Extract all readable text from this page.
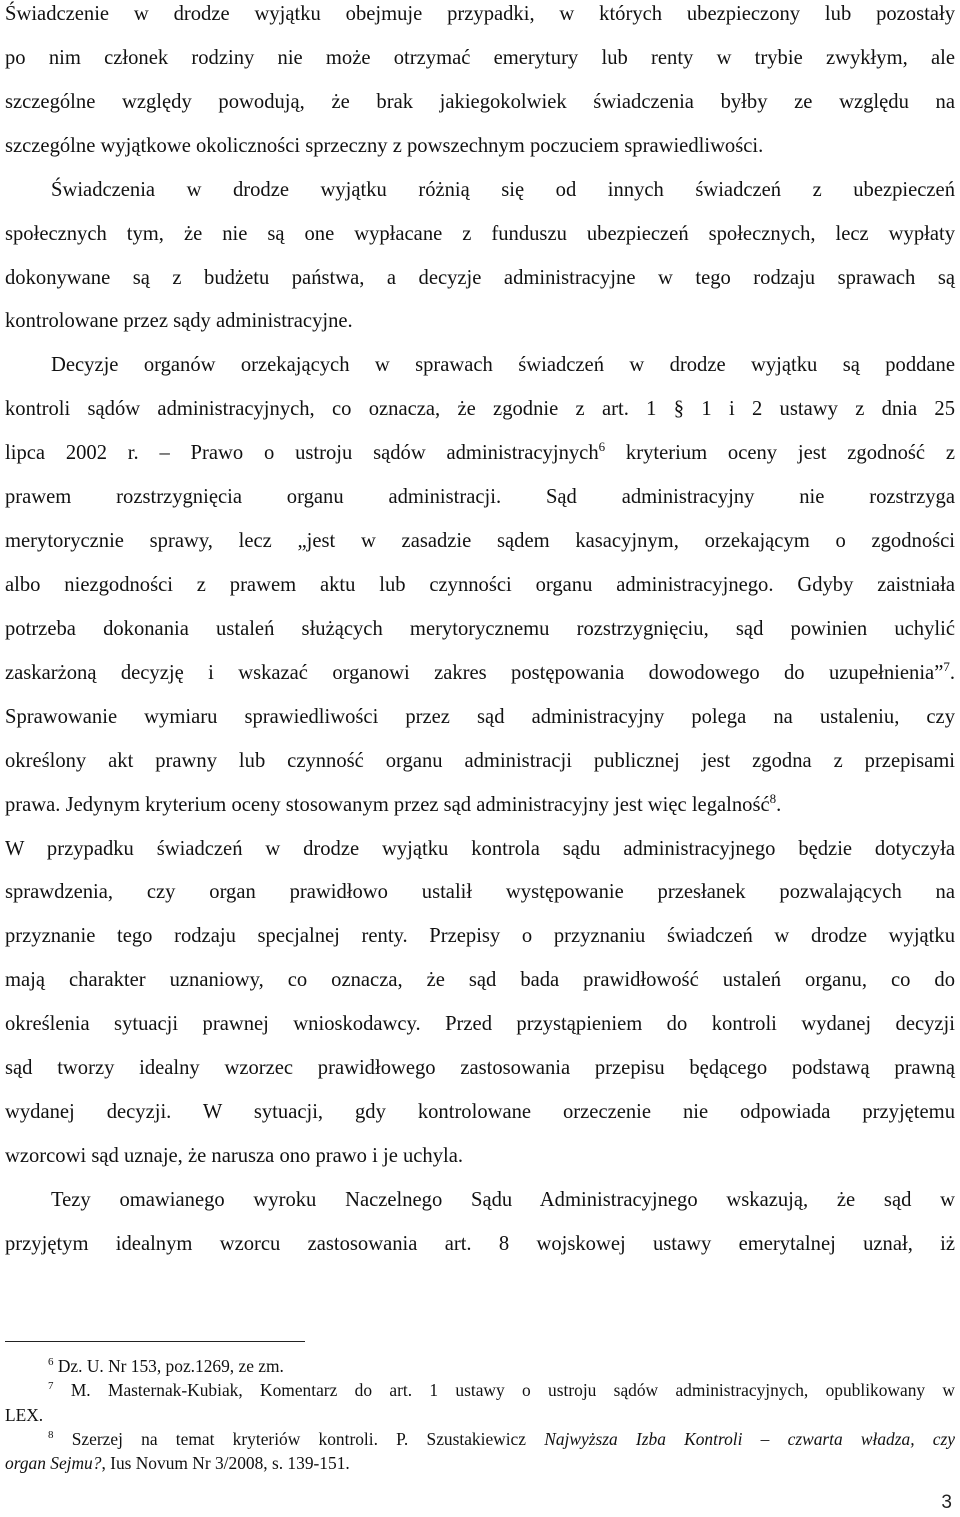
Świadczenie w drodze wyjątku obejmuje przypadki, w których ubezpieczony lub pozostały
po nim członek rodziny nie może otrzymać emerytury lub renty w trybie zwykłym, ale
szczególne względy powodują, że brak jakiegokolwiek świadczenia byłby ze względu na
szczególne wyjątkowe okoliczności sprzeczny z powszechnym poczuciem sprawiedliwości.
Świadczenia w drodze wyjątku różnią się od innych świadczeń z ubezpieczeń
społecznych tym, że nie są one wypłacane z funduszu ubezpieczeń społecznych, lecz wypłaty
dokonywane są z budżetu państwa, a decyzje administracyjne w tego rodzaju sprawach są
kontrolowane przez sądy administracyjne.
Decyzje organów orzekających w sprawach świadczeń w drodze wyjątku są poddane
kontroli sądów administracyjnych, co oznacza, że zgodnie z art. 1 § 1 i 2 ustawy z dnia 25
lipca 2002 r. – Prawo o ustroju sądów administracyjnych$^6$ kryterium oceny jest zgodność z
prawem rozstrzygnięcia organu administracji. Sąd administracyjny nie rozstrzyga
merytorycznie sprawy, lecz „jest w zasadzie sądem kasacyjnym, orzekającym o zgodności
albo niezgodności z prawem aktu lub czynności organu administracyjnego. Gdyby zaistniała
potrzeba dokonania ustaleń służących merytorycznemu rozstrzygnięciu, sąd powinien uchylić
zaskarżoną decyzję i wskazać organowi zakres postępowania dowodowego do uzupełnienia”$^7$.
Sprawowanie wymiaru sprawiedliwości przez sąd administracyjny polega na ustaleniu, czy
określony akt prawny lub czynność organu administracji publicznej jest zgodna z przepisami
prawa. Jedynym kryterium oceny stosowanym przez sąd administracyjny jest więc legalność$^8$.
W przypadku świadczeń w drodze wyjątku kontrola sądu administracyjnego będzie dotyczyła
sprawdzenia, czy organ prawidłowo ustalił występowanie przesłanek pozwalających na
przyznanie tego rodzaju specjalnej renty. Przepisy o przyznaniu świadczeń w drodze wyjątku
mają charakter uznaniowy, co oznacza, że sąd bada prawidłowość ustaleń organu, co do
określenia sytuacji prawnej wnioskodawcy. Przed przystąpieniem do kontroli wydanej decyzji
sąd tworzy idealny wzorzec prawidłowego zastosowania przepisu będącego podstawą prawną
wydanej decyzji. W sytuacji, gdy kontrolowane orzeczenie nie odpowiada przyjętemu
wzorcowi sąd uznaje, że narusza ono prawo i je uchyla.
Tezy omawianego wyroku Naczelnego Sądu Administracyjnego wskazują, że sąd w
przyjętym idealnym wzorcu zastosowania art. 8 wojskowej ustawy emerytalnej uznał, iż
$^6$ Dz. U. Nr 153, poz.1269, ze zm.
$^7$ M. Masternak-Kubiak, Komentarz do art. 1 ustawy o ustroju sądów administracyjnych, opublikowany w
LEX.
$^8$ Szerzej na temat kryteriów kontroli. P. Szustakiewicz Najwyższa Izba Kontroli – czwarta władza, czy
organ Sejmu?, Ius Novum Nr 3/2008, s. 139-151.
3
